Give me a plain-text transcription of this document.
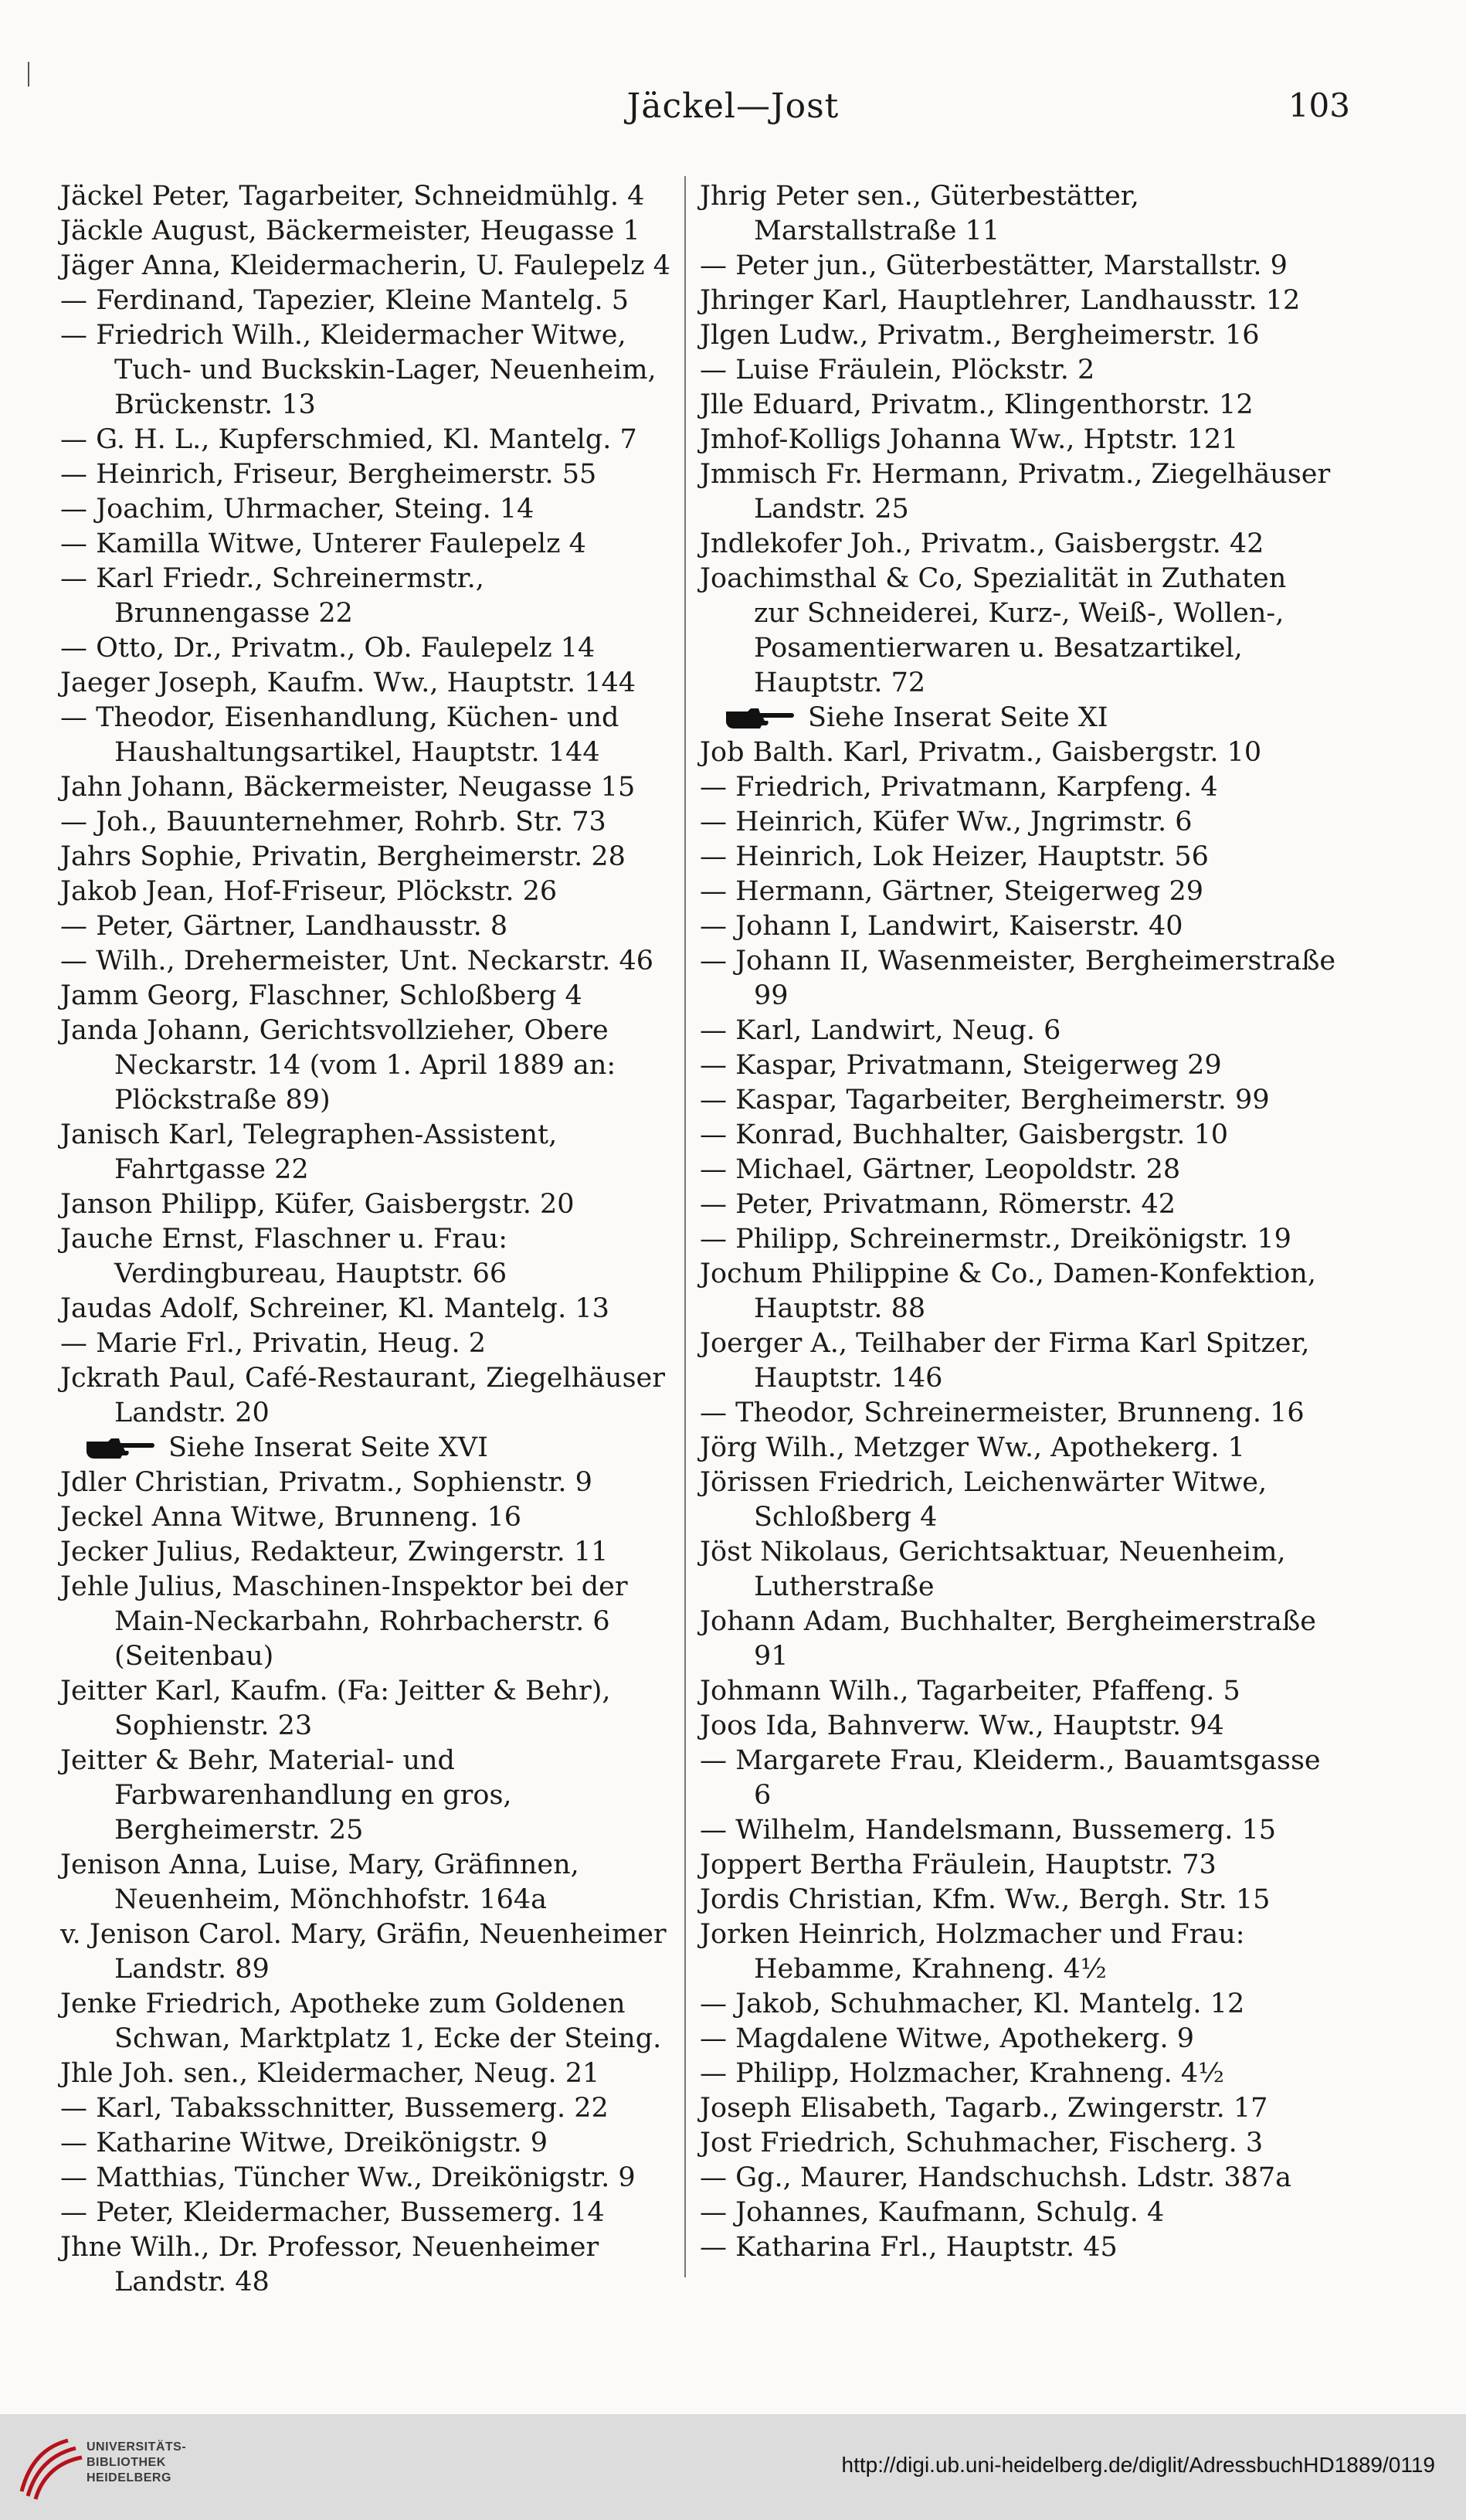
Jäckel—Jost	103
Jäckel Peter, Tagarbeiter, Schneidmühlg. 4
Jäckle August, Bäckermeister, Heugasse 1
Jäger Anna, Kleidermacherin, U. Faulepelz 4
— Ferdinand, Tapezier, Kleine Mantelg. 5
— Friedrich Wilh., Kleidermacher Witwe, Tuch- und Buckskin-Lager, Neuenheim, Brückenstr. 13
— G. H. L., Kupferschmied, Kl. Mantelg. 7
— Heinrich, Friseur, Bergheimerstr. 55
— Joachim, Uhrmacher, Steing. 14
— Kamilla Witwe, Unterer Faulepelz 4
— Karl Friedr., Schreinermstr., Brunnengasse 22
— Otto, Dr., Privatm., Ob. Faulepelz 14
Jaeger Joseph, Kaufm. Ww., Hauptstr. 144
— Theodor, Eisenhandlung, Küchen- und Haushaltungsartikel, Hauptstr. 144
Jahn Johann, Bäckermeister, Neugasse 15
— Joh., Bauunternehmer, Rohrb. Str. 73
Jahrs Sophie, Privatin, Bergheimerstr. 28
Jakob Jean, Hof-Friseur, Plöckstr. 26
— Peter, Gärtner, Landhausstr. 8
— Wilh., Drehermeister, Unt. Neckarstr. 46
Jamm Georg, Flaschner, Schloßberg 4
Janda Johann, Gerichtsvollzieher, Obere Neckarstr. 14 (vom 1. April 1889 an: Plöckstraße 89)
Janisch Karl, Telegraphen-Assistent, Fahrtgasse 22
Janson Philipp, Küfer, Gaisbergstr. 20
Jauche Ernst, Flaschner u. Frau: Verdingbureau, Hauptstr. 66
Jaudas Adolf, Schreiner, Kl. Mantelg. 13
— Marie Frl., Privatin, Heug. 2
Jckrath Paul, Café-Restaurant, Ziegelhäuser Landstr. 20
Siehe Inserat Seite XVI
Jdler Christian, Privatm., Sophienstr. 9
Jeckel Anna Witwe, Brunneng. 16
Jecker Julius, Redakteur, Zwingerstr. 11
Jehle Julius, Maschinen-Inspektor bei der Main-Neckarbahn, Rohrbacherstr. 6 (Seitenbau)
Jeitter Karl, Kaufm. (Fa: Jeitter & Behr), Sophienstr. 23
Jeitter & Behr, Material- und Farbwarenhandlung en gros, Bergheimerstr. 25
Jenison Anna, Luise, Mary, Gräfinnen, Neuenheim, Mönchhofstr. 164a
v. Jenison Carol. Mary, Gräfin, Neuenheimer Landstr. 89
Jenke Friedrich, Apotheke zum Goldenen Schwan, Marktplatz 1, Ecke der Steing.
Jhle Joh. sen., Kleidermacher, Neug. 21
— Karl, Tabaksschnitter, Bussemerg. 22
— Katharine Witwe, Dreikönigstr. 9
— Matthias, Tüncher Ww., Dreikönigstr. 9
— Peter, Kleidermacher, Bussemerg. 14
Jhne Wilh., Dr. Professor, Neuenheimer Landstr. 48
Jhrig Peter sen., Güterbestätter, Marstallstraße 11
— Peter jun., Güterbestätter, Marstallstr. 9
Jhringer Karl, Hauptlehrer, Landhausstr. 12
Jlgen Ludw., Privatm., Bergheimerstr. 16
— Luise Fräulein, Plöckstr. 2
Jlle Eduard, Privatm., Klingenthorstr. 12
Jmhof-Kolligs Johanna Ww., Hptstr. 121
Jmmisch Fr. Hermann, Privatm., Ziegelhäuser Landstr. 25
Jndlekofer Joh., Privatm., Gaisbergstr. 42
Joachimsthal & Co, Spezialität in Zuthaten zur Schneiderei, Kurz-, Weiß-, Wollen-, Posamentierwaren u. Besatzartikel, Hauptstr. 72
Siehe Inserat Seite XI
Job Balth. Karl, Privatm., Gaisbergstr. 10
— Friedrich, Privatmann, Karpfeng. 4
— Heinrich, Küfer Ww., Jngrimstr. 6
— Heinrich, Lok Heizer, Hauptstr. 56
— Hermann, Gärtner, Steigerweg 29
— Johann I, Landwirt, Kaiserstr. 40
— Johann II, Wasenmeister, Bergheimerstraße 99
— Karl, Landwirt, Neug. 6
— Kaspar, Privatmann, Steigerweg 29
— Kaspar, Tagarbeiter, Bergheimerstr. 99
— Konrad, Buchhalter, Gaisbergstr. 10
— Michael, Gärtner, Leopoldstr. 28
— Peter, Privatmann, Römerstr. 42
— Philipp, Schreinermstr., Dreikönigstr. 19
Jochum Philippine & Co., Damen-Konfektion, Hauptstr. 88
Joerger A., Teilhaber der Firma Karl Spitzer, Hauptstr. 146
— Theodor, Schreinermeister, Brunneng. 16
Jörg Wilh., Metzger Ww., Apothekerg. 1
Jörissen Friedrich, Leichenwärter Witwe, Schloßberg 4
Jöst Nikolaus, Gerichtsaktuar, Neuenheim, Lutherstraße
Johann Adam, Buchhalter, Bergheimerstraße 91
Johmann Wilh., Tagarbeiter, Pfaffeng. 5
Joos Ida, Bahnverw. Ww., Hauptstr. 94
— Margarete Frau, Kleiderm., Bauamtsgasse 6
— Wilhelm, Handelsmann, Bussemerg. 15
Joppert Bertha Fräulein, Hauptstr. 73
Jordis Christian, Kfm. Ww., Bergh. Str. 15
Jorken Heinrich, Holzmacher und Frau: Hebamme, Krahneng. 4½
— Jakob, Schuhmacher, Kl. Mantelg. 12
— Magdalene Witwe, Apothekerg. 9
— Philipp, Holzmacher, Krahneng. 4½
Joseph Elisabeth, Tagarb., Zwingerstr. 17
Jost Friedrich, Schuhmacher, Fischerg. 3
— Gg., Maurer, Handschuchsh. Ldstr. 387a
— Johannes, Kaufmann, Schulg. 4
— Katharina Frl., Hauptstr. 45
UNIVERSITÄTS-
BIBLIOTHEK
HEIDELBERG
http://digi.ub.uni-heidelberg.de/diglit/AdressbuchHD1889/0119
